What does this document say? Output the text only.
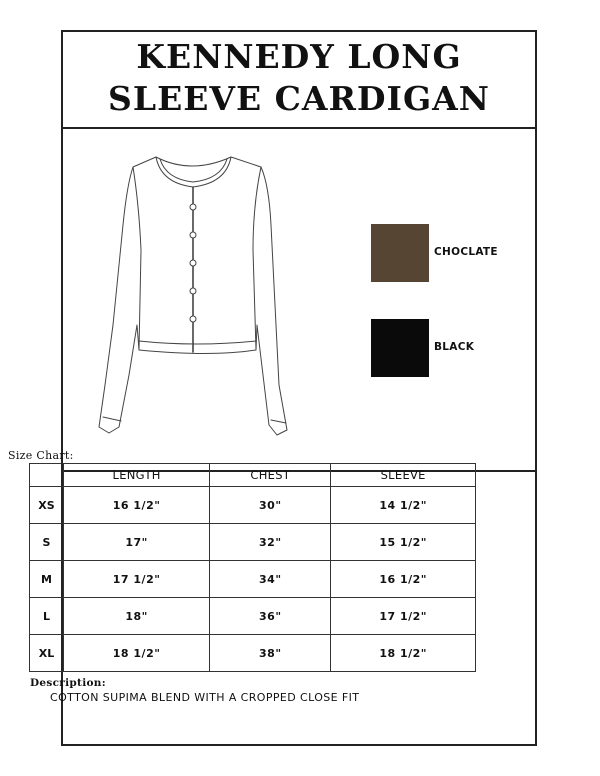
KENNEDY LONG
SLEEVE CARDIGAN
CHOCLATE
BLACK
Size Chart:
	LENGTH	CHEST	SLEEVE
XS	16 1/2"	30"	14 1/2"
S	17"	32"	15 1/2"
M	17 1/2"	34"	16 1/2"
L	18"	36"	17 1/2"
XL	18 1/2"	38"	18 1/2"
Description:
COTTON SUPIMA BLEND WITH A CROPPED CLOSE FIT
